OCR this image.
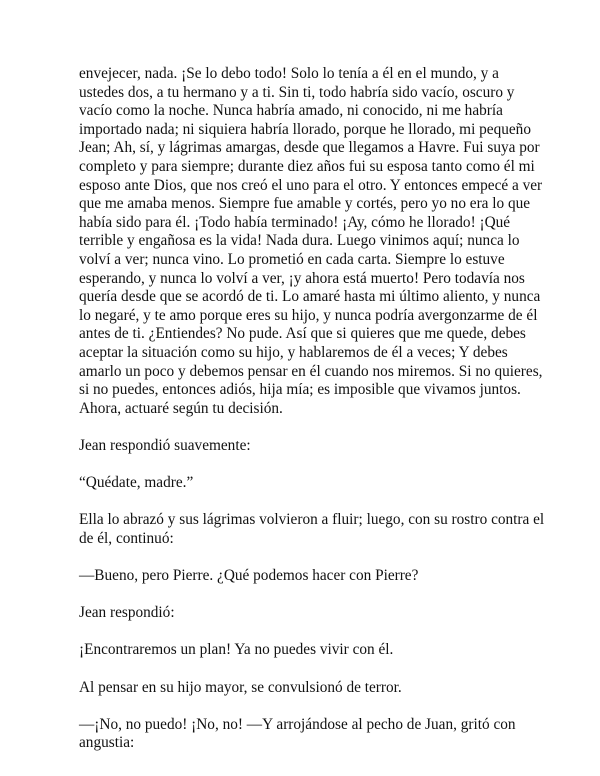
envejecer, nada. ¡Se lo debo todo! Solo lo tenía a él en el mundo, y a
ustedes dos, a tu hermano y a ti. Sin ti, todo habría sido vacío, oscuro y
vacío como la noche. Nunca habría amado, ni conocido, ni me habría
importado nada; ni siquiera habría llorado, porque he llorado, mi pequeño
Jean; Ah, sí, y lágrimas amargas, desde que llegamos a Havre. Fui suya por
completo y para siempre; durante diez años fui su esposa tanto como él mi
esposo ante Dios, que nos creó el uno para el otro. Y entonces empecé a ver
que me amaba menos. Siempre fue amable y cortés, pero yo no era lo que
había sido para él. ¡Todo había terminado! ¡Ay, cómo he llorado! ¡Qué
terrible y engañosa es la vida! Nada dura. Luego vinimos aquí; nunca lo
volví a ver; nunca vino. Lo prometió en cada carta. Siempre lo estuve
esperando, y nunca lo volví a ver, ¡y ahora está muerto! Pero todavía nos
quería desde que se acordó de ti. Lo amaré hasta mi último aliento, y nunca
lo negaré, y te amo porque eres su hijo, y nunca podría avergonzarme de él
antes de ti. ¿Entiendes? No pude. Así que si quieres que me quede, debes
aceptar la situación como su hijo, y hablaremos de él a veces; Y debes
amarlo un poco y debemos pensar en él cuando nos miremos. Si no quieres,
si no puedes, entonces adiós, hija mía; es imposible que vivamos juntos.
Ahora, actuaré según tu decisión.

Jean respondió suavemente:

“Quédate, madre.”

Ella lo abrazó y sus lágrimas volvieron a fluir; luego, con su rostro contra el
de él, continuó:

—Bueno, pero Pierre. ¿Qué podemos hacer con Pierre?

Jean respondió:

¡Encontraremos un plan! Ya no puedes vivir con él.

Al pensar en su hijo mayor, se convulsionó de terror.

—¡No, no puedo! ¡No, no! —Y arrojándose al pecho de Juan, gritó con
angustia:
